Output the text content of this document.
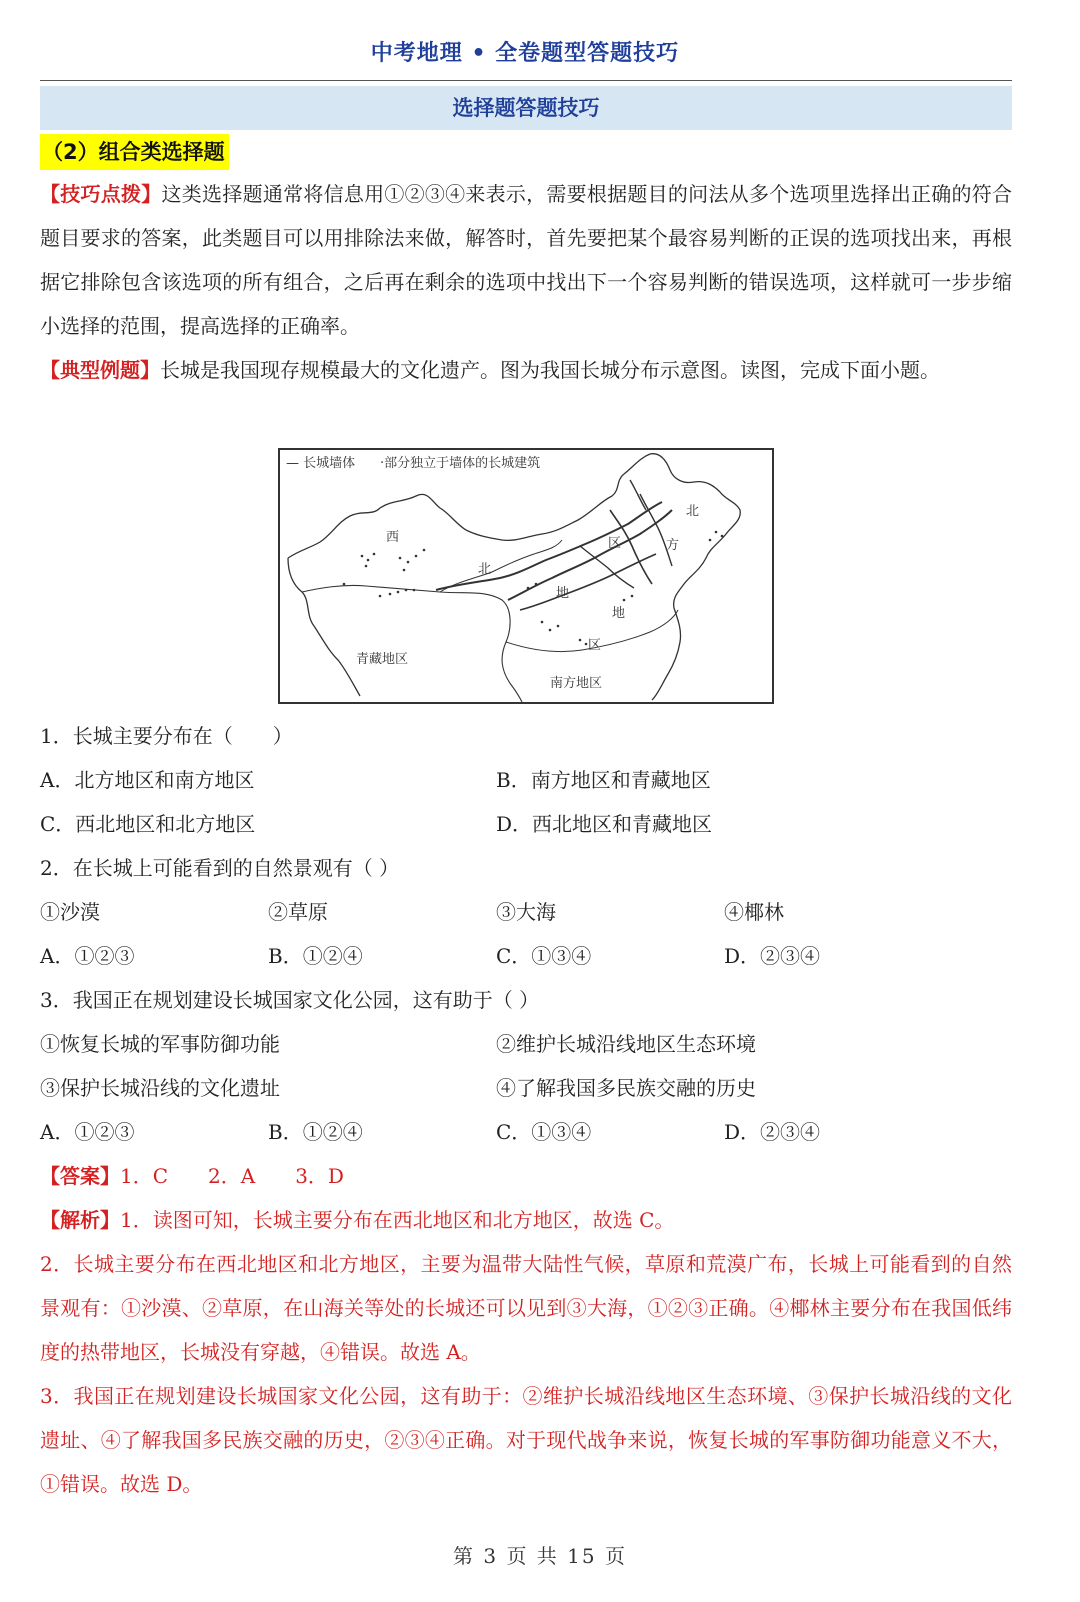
中考地理 • 全卷题型答题技巧
选择题答题技巧
（2）组合类选择题
【技巧点拨】这类选择题通常将信息用①②③④来表示，需要根据题目的问法从多个选项里选择出正确的符合题目要求的答案，此类题目可以用排除法来做，解答时，首先要把某个最容易判断的正误的选项找出来，再根据它排除包含该选项的所有组合，之后再在剩余的选项中找出下一个容易判断的错误选项，这样就可一步步缩小选择的范围，提高选择的正确率。
【典型例题】长城是我国现存规模最大的文化遗产。图为我国长城分布示意图。读图，完成下面小题。
— 长城墙体 ·部分独立于墙体的长城建筑
西
北
区
北
方
地
地
区
青藏地区
南方地区
1．长城主要分布在（　　）
A．北方地区和南方地区	B．南方地区和青藏地区
C．西北地区和北方地区	D．西北地区和青藏地区
2．在长城上可能看到的自然景观有（ ）
①沙漠	②草原	③大海	④椰林
A．①②③	B．①②④	C．①③④	D．②③④
3．我国正在规划建设长城国家文化公园，这有助于（ ）
①恢复长城的军事防御功能	②维护长城沿线地区生态环境
③保护长城沿线的文化遗址	④了解我国多民族交融的历史
A．①②③	B．①②④	C．①③④	D．②③④
【答案】1．C　　2．A　　3．D
【解析】1．读图可知，长城主要分布在西北地区和北方地区，故选 C。
2．长城主要分布在西北地区和北方地区，主要为温带大陆性气候，草原和荒漠广布，长城上可能看到的自然景观有：①沙漠、②草原，在山海关等处的长城还可以见到③大海，①②③正确。④椰林主要分布在我国低纬度的热带地区，长城没有穿越，④错误。故选 A。
3．我国正在规划建设长城国家文化公园，这有助于：②维护长城沿线地区生态环境、③保护长城沿线的文化遗址、④了解我国多民族交融的历史，②③④正确。对于现代战争来说，恢复长城的军事防御功能意义不大，①错误。故选 D。
第 3 页 共 15 页
